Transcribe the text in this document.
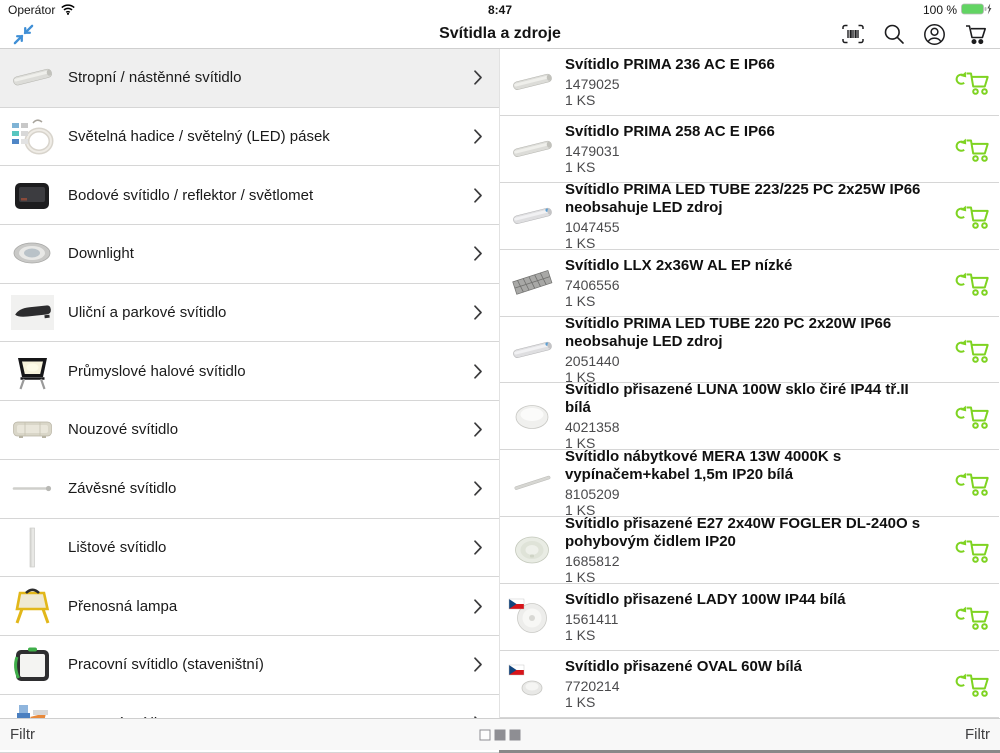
Operátor	8:47	100 %
Svítidla a zdroje
Stropní / nástěnné svítidlo
Světelná hadice / světelný (LED) pásek
Bodové svítidlo / reflektor / světlomet
Downlight
Uliční a parkové svítidlo
Průmyslové halové svítidlo
Nouzové svítidlo
Závěsné svítidlo
Lištové svítidlo
Přenosná lampa
Pracovní svítidlo (staveništní)
Svítidlo PRIMA 236 AC E IP66
1479025
1 KS
Svítidlo PRIMA 258 AC E IP66
1479031
1 KS
Svítidlo PRIMA LED TUBE 223/225 PC 2x25W IP66 neobsahuje LED zdroj
1047455
1 KS
Svítidlo LLX 2x36W AL EP nízké
7406556
1 KS
Svítidlo PRIMA LED TUBE 220 PC 2x20W IP66 neobsahuje LED zdroj
2051440
1 KS
Svítidlo přisazené LUNA 100W sklo čiré IP44 tř.II bílá
4021358
1 KS
Svítidlo nábytkové MERA 13W 4000K s vypínačem+kabel 1,5m IP20 bílá
8105209
1 KS
Svítidlo přisazené E27 2x40W FOGLER DL-240O s pohybovým čidlem IP20
1685812
1 KS
Svítidlo přisazené LADY 100W IP44 bílá
1561411
1 KS
Svítidlo přisazené OVAL 60W bílá
7720214
1 KS
Filtr	Filtr
